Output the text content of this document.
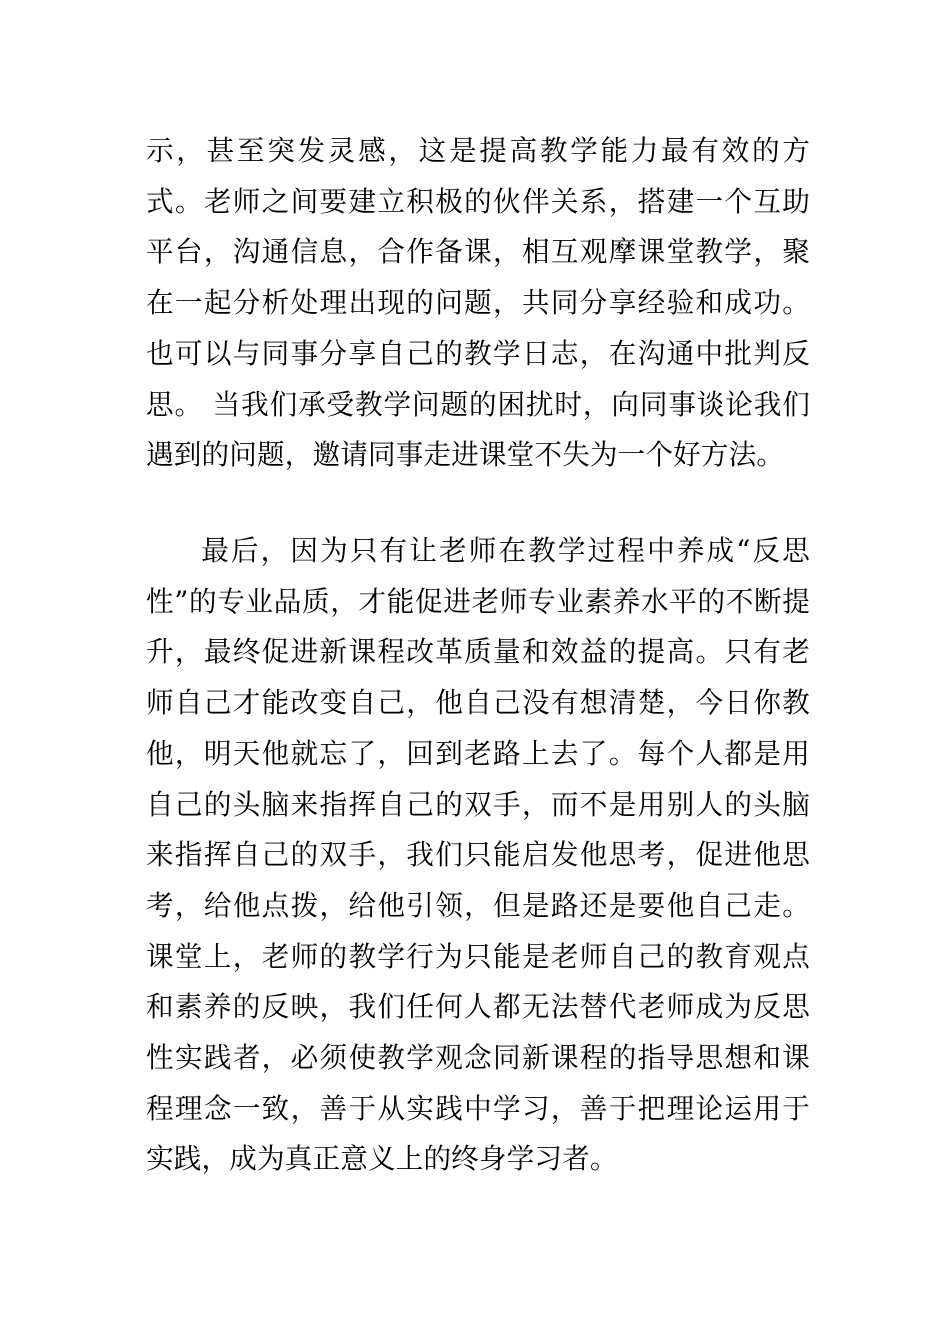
示，甚至突发灵感，这是提高教学能力最有效的方式。老师之间要建立积极的伙伴关系，搭建一个互助平台，沟通信息，合作备课，相互观摩课堂教学，聚在一起分析处理出现的问题，共同分享经验和成功。也可以与同事分享自己的教学日志，在沟通中批判反思。 当我们承受教学问题的困扰时，向同事谈论我们遇到的问题，邀请同事走进课堂不失为一个好方法。

最后，因为只有让老师在教学过程中养成“反思性”的专业品质，才能促进老师专业素养水平的不断提升，最终促进新课程改革质量和效益的提高。只有老师自己才能改变自己，他自己没有想清楚，今日你教他，明天他就忘了，回到老路上去了。每个人都是用自己的头脑来指挥自己的双手，而不是用别人的头脑来指挥自己的双手，我们只能启发他思考，促进他思考，给他点拨，给他引领，但是路还是要他自己走。课堂上，老师的教学行为只能是老师自己的教育观点和素养的反映，我们任何人都无法替代老师成为反思性实践者，必须使教学观念同新课程的指导思想和课程理念一致，善于从实践中学习，善于把理论运用于实践，成为真正意义上的终身学习者。
